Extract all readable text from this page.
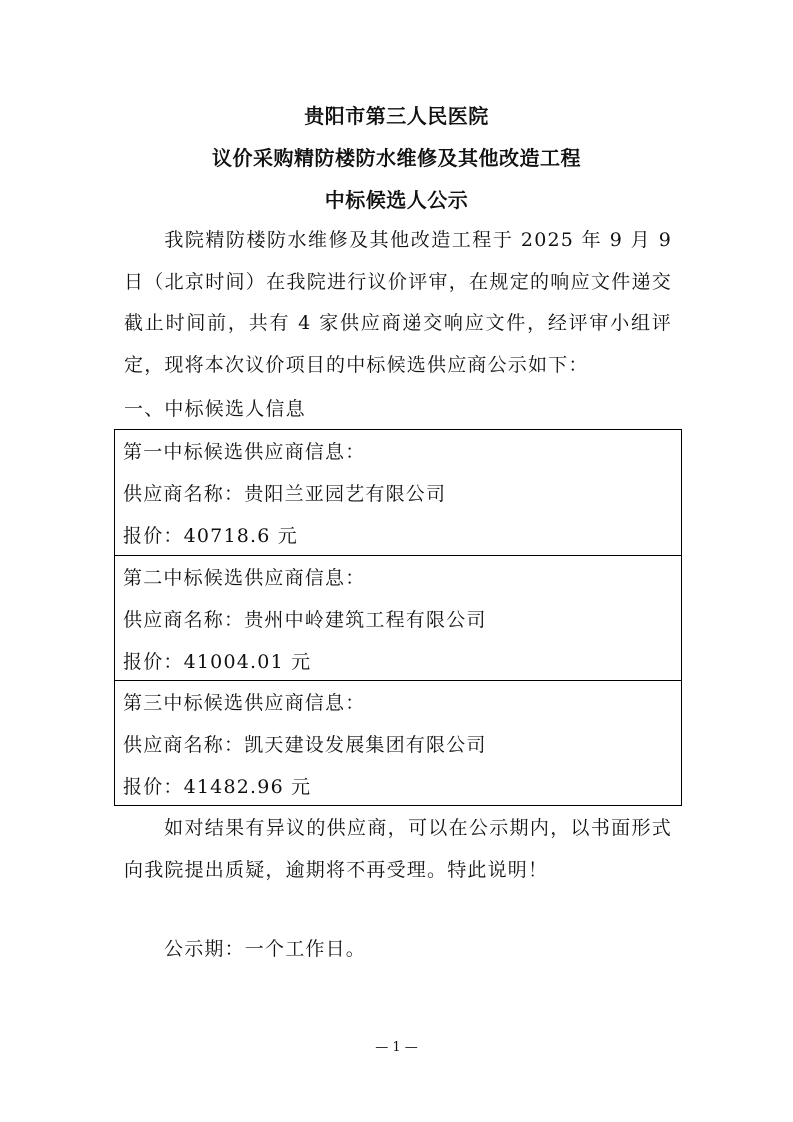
贵阳市第三人民医院
议价采购精防楼防水维修及其他改造工程
中标候选人公示
我院精防楼防水维修及其他改造工程于 2025 年 9 月 9 日（北京时间）在我院进行议价评审，在规定的响应文件递交截止时间前，共有 4 家供应商递交响应文件，经评审小组评定，现将本次议价项目的中标候选供应商公示如下：
一、中标候选人信息
第一中标候选供应商信息：
供应商名称：贵阳兰亚园艺有限公司
报价：40718.6 元
第二中标候选供应商信息：
供应商名称：贵州中岭建筑工程有限公司
报价：41004.01 元
第三中标候选供应商信息：
供应商名称：凯天建设发展集团有限公司
报价：41482.96 元
如对结果有异议的供应商，可以在公示期内，以书面形式向我院提出质疑，逾期将不再受理。特此说明！
公示期：一个工作日。
— 1 —
